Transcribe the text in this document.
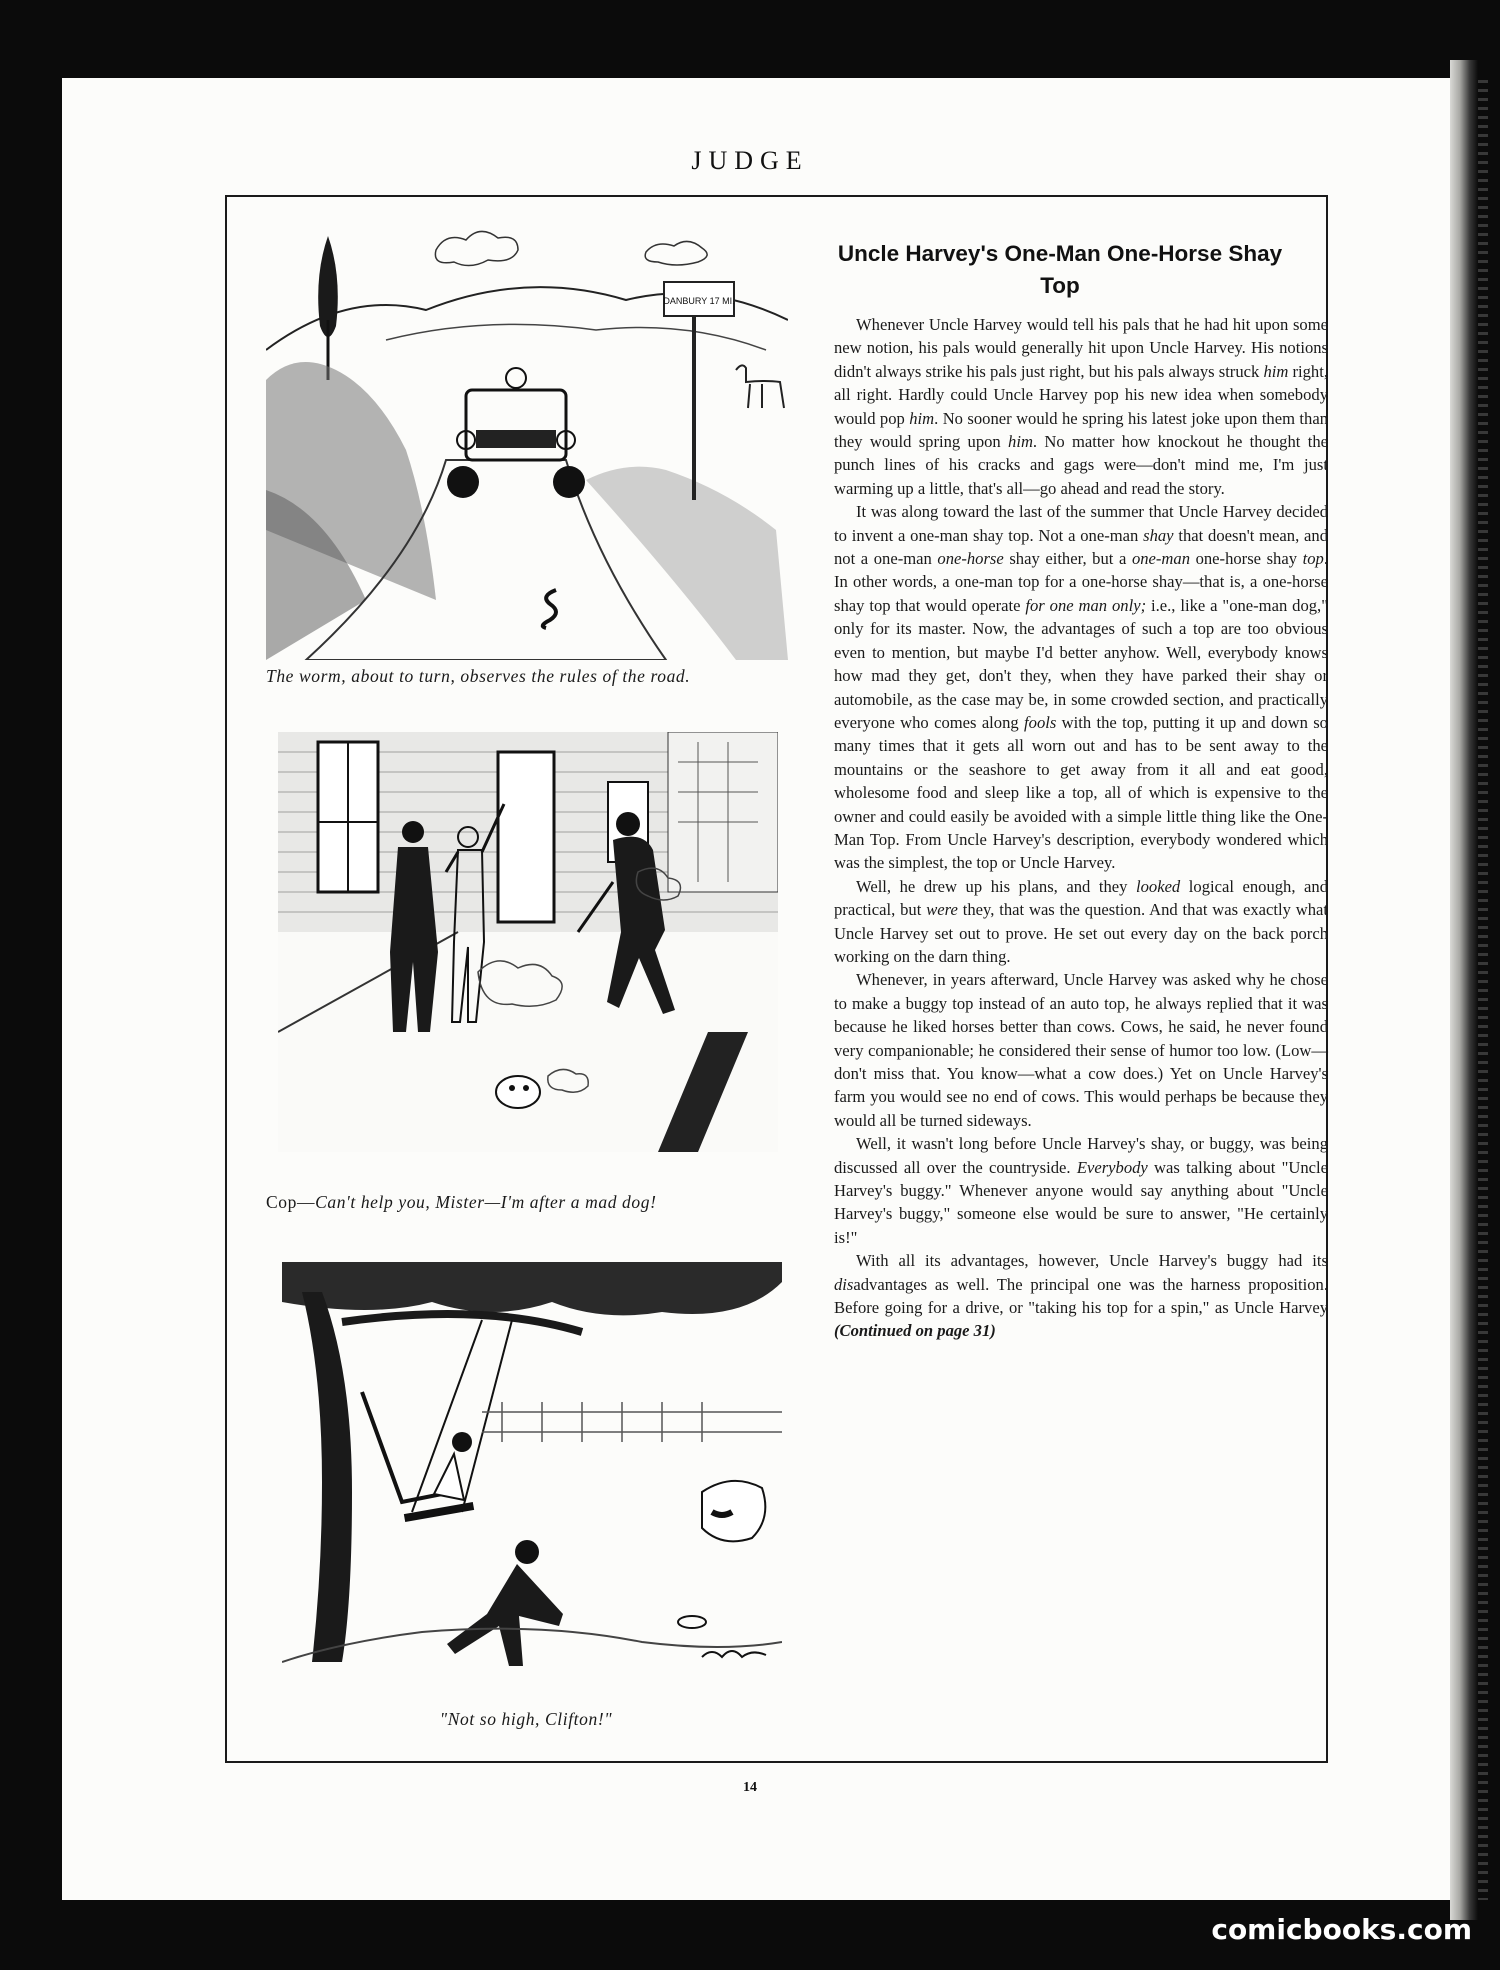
JUDGE
DANBURY 17 MI.
The worm, about to turn, observes the rules of the road.
Cop—Can't help you, Mister—I'm after a mad dog!
"Not so high, Clifton!"
Uncle Harvey's One-Man One-Horse Shay Top

Whenever Uncle Harvey would tell his pals that he had hit upon some new notion, his pals would generally hit upon Uncle Harvey. His notions didn't always strike his pals just right, but his pals always struck him right, all right. Hardly could Uncle Harvey pop his new idea when somebody would pop him. No sooner would he spring his latest joke upon them than they would spring upon him. No matter how knockout he thought the punch lines of his cracks and gags were—don't mind me, I'm just warming up a little, that's all—go ahead and read the story.

It was along toward the last of the summer that Uncle Harvey decided to invent a one-man shay top. Not a one-man shay that doesn't mean, and not a one-man one-horse shay either, but a one-man one-horse shay top. In other words, a one-man top for a one-horse shay—that is, a one-horse shay top that would operate for one man only; i.e., like a "one-man dog," only for its master. Now, the advantages of such a top are too obvious even to mention, but maybe I'd better anyhow. Well, everybody knows how mad they get, don't they, when they have parked their shay or automobile, as the case may be, in some crowded section, and practically everyone who comes along fools with the top, putting it up and down so many times that it gets all worn out and has to be sent away to the mountains or the seashore to get away from it all and eat good, wholesome food and sleep like a top, all of which is expensive to the owner and could easily be avoided with a simple little thing like the One-Man Top. From Uncle Harvey's description, everybody wondered which was the simplest, the top or Uncle Harvey.

Well, he drew up his plans, and they looked logical enough, and practical, but were they, that was the question. And that was exactly what Uncle Harvey set out to prove. He set out every day on the back porch working on the darn thing.

Whenever, in years afterward, Uncle Harvey was asked why he chose to make a buggy top instead of an auto top, he always replied that it was because he liked horses better than cows. Cows, he said, he never found very companionable; he considered their sense of humor too low. (Low—don't miss that. You know—what a cow does.) Yet on Uncle Harvey's farm you would see no end of cows. This would perhaps be because they would all be turned sideways.

Well, it wasn't long before Uncle Harvey's shay, or buggy, was being discussed all over the countryside. Everybody was talking about "Uncle Harvey's buggy." Whenever anyone would say anything about "Uncle Harvey's buggy," someone else would be sure to answer, "He certainly is!"

With all its advantages, however, Uncle Harvey's buggy had its disadvantages as well. The principal one was the harness proposition. Before going for a drive, or "taking his top for a spin," as Uncle Harvey (Continued on page 31)

14
comicbooks.com
